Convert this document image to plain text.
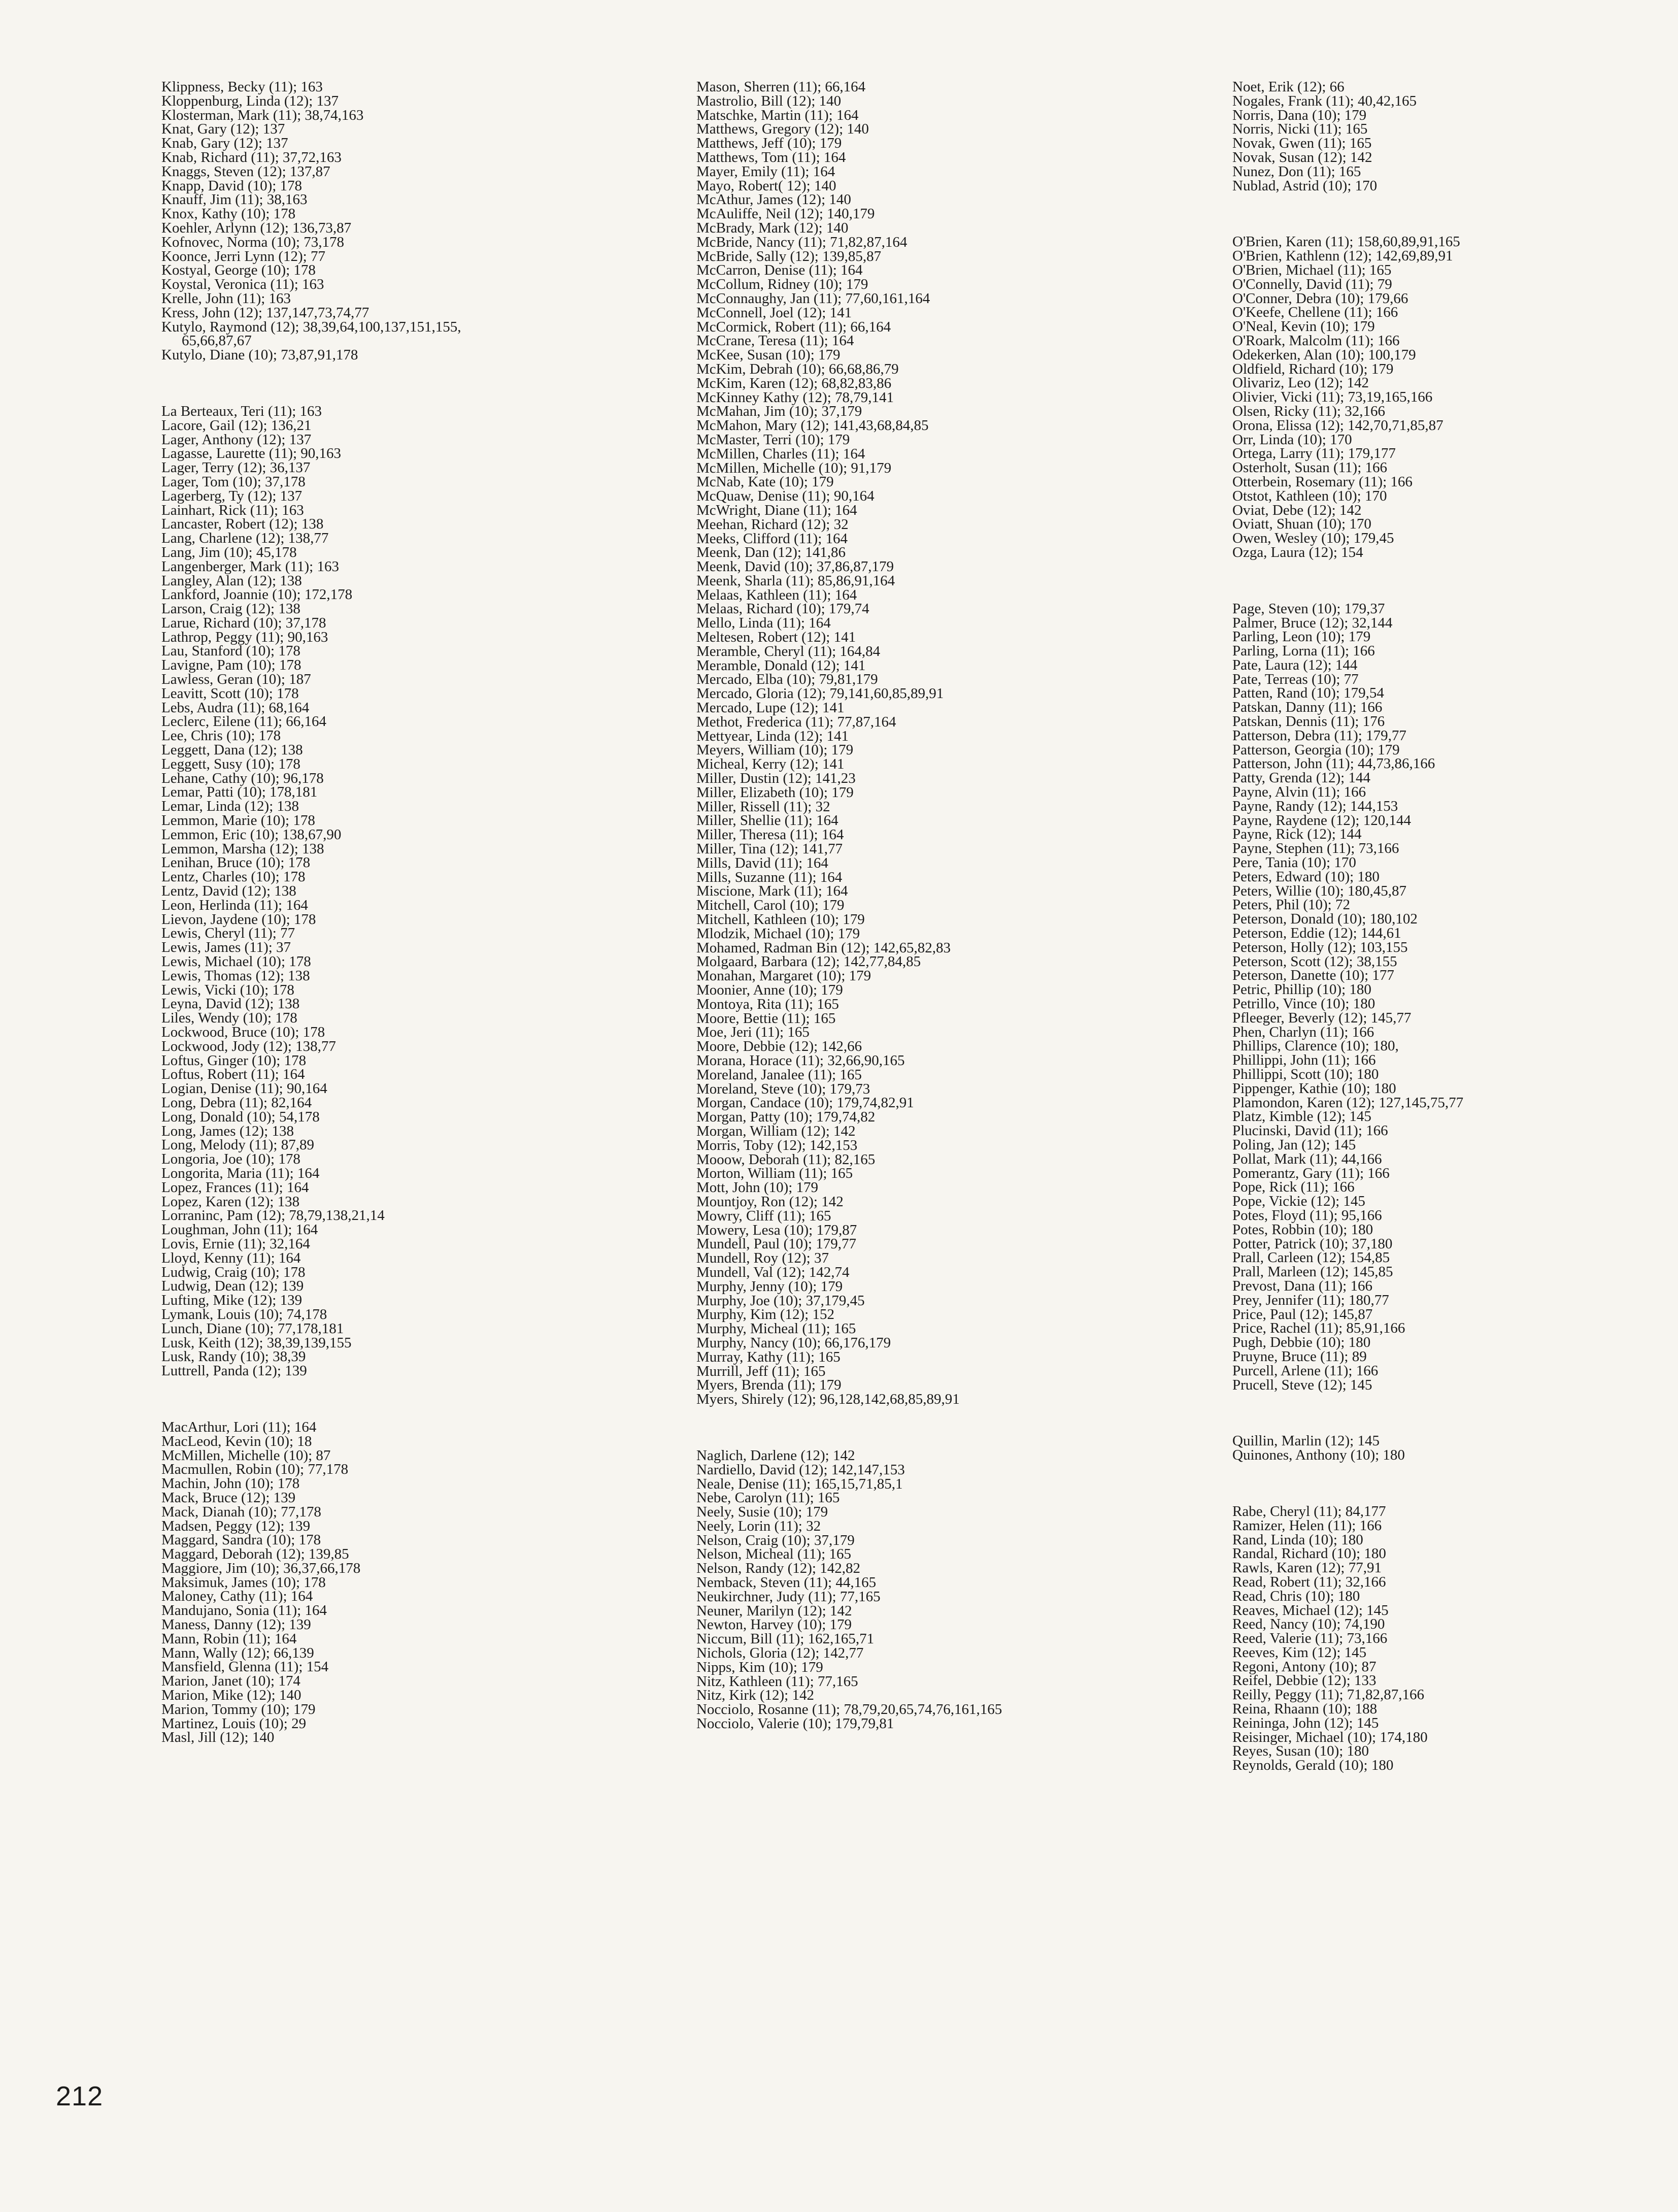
Klippness, Becky (11); 163
Kloppenburg, Linda (12); 137
Klosterman, Mark (11); 38,74,163
Knat, Gary (12); 137
Knab, Gary (12); 137
Knab, Richard (11); 37,72,163
Knaggs, Steven (12); 137,87
Knapp, David (10); 178
Knauff, Jim (11); 38,163
Knox, Kathy (10); 178
Koehler, Arlynn (12); 136,73,87
Kofnovec, Norma (10); 73,178
Koonce, Jerri Lynn (12); 77
Kostyal, George (10); 178
Koystal, Veronica (11); 163
Krelle, John (11); 163
Kress, John (12); 137,147,73,74,77
Kutylo, Raymond (12); 38,39,64,100,137,151,155,
65,66,87,67
Kutylo, Diane (10); 73,87,91,178
La Berteaux, Teri (11); 163
Lacore, Gail (12); 136,21
Lager, Anthony (12); 137
Lagasse, Laurette (11); 90,163
Lager, Terry (12); 36,137
Lager, Tom (10); 37,178
Lagerberg, Ty (12); 137
Lainhart, Rick (11); 163
Lancaster, Robert (12); 138
Lang, Charlene (12); 138,77
Lang, Jim (10); 45,178
Langenberger, Mark (11); 163
Langley, Alan (12); 138
Lankford, Joannie (10); 172,178
Larson, Craig (12); 138
Larue, Richard (10); 37,178
Lathrop, Peggy (11); 90,163
Lau, Stanford (10); 178
Lavigne, Pam (10); 178
Lawless, Geran (10); 187
Leavitt, Scott (10); 178
Lebs, Audra (11); 68,164
Leclerc, Eilene (11); 66,164
Lee, Chris (10); 178
Leggett, Dana (12); 138
Leggett, Susy (10); 178
Lehane, Cathy (10); 96,178
Lemar, Patti (10); 178,181
Lemar, Linda (12); 138
Lemmon, Marie (10); 178
Lemmon, Eric (10); 138,67,90
Lemmon, Marsha (12); 138
Lenihan, Bruce (10); 178
Lentz, Charles (10); 178
Lentz, David (12); 138
Leon, Herlinda (11); 164
Lievon, Jaydene (10); 178
Lewis, Cheryl (11); 77
Lewis, James (11); 37
Lewis, Michael (10); 178
Lewis, Thomas (12); 138
Lewis, Vicki (10); 178
Leyna, David (12); 138
Liles, Wendy (10); 178
Lockwood, Bruce (10); 178
Lockwood, Jody (12); 138,77
Loftus, Ginger (10); 178
Loftus, Robert (11); 164
Logian, Denise (11); 90,164
Long, Debra (11); 82,164
Long, Donald (10); 54,178
Long, James (12); 138
Long, Melody (11); 87,89
Longoria, Joe (10); 178
Longorita, Maria (11); 164
Lopez, Frances (11); 164
Lopez, Karen (12); 138
Lorraninc, Pam (12); 78,79,138,21,14
Loughman, John (11); 164
Lovis, Ernie (11); 32,164
Lloyd, Kenny (11); 164
Ludwig, Craig (10); 178
Ludwig, Dean (12); 139
Lufting, Mike (12); 139
Lymank, Louis (10); 74,178
Lunch, Diane (10); 77,178,181
Lusk, Keith (12); 38,39,139,155
Lusk, Randy (10); 38,39
Luttrell, Panda (12); 139
MacArthur, Lori (11); 164
MacLeod, Kevin (10); 18
McMillen, Michelle (10); 87
Macmullen, Robin (10); 77,178
Machin, John (10); 178
Mack, Bruce (12); 139
Mack, Dianah (10); 77,178
Madsen, Peggy (12); 139
Maggard, Sandra (10); 178
Maggard, Deborah (12); 139,85
Maggiore, Jim (10); 36,37,66,178
Maksimuk, James (10); 178
Maloney, Cathy (11); 164
Mandujano, Sonia (11); 164
Maness, Danny (12); 139
Mann, Robin (11); 164
Mann, Wally (12); 66,139
Mansfield, Glenna (11); 154
Marion, Janet (10); 174
Marion, Mike (12); 140
Marion, Tommy (10); 179
Martinez, Louis (10); 29
Masl, Jill (12); 140
Mason, Sherren (11); 66,164
Mastrolio, Bill (12); 140
Matschke, Martin (11); 164
Matthews, Gregory (12); 140
Matthews, Jeff (10); 179
Matthews, Tom (11); 164
Mayer, Emily (11); 164
Mayo, Robert( 12); 140
McAthur, James (12); 140
McAuliffe, Neil (12); 140,179
McBrady, Mark (12); 140
McBride, Nancy (11); 71,82,87,164
McBride, Sally (12); 139,85,87
McCarron, Denise (11); 164
McCollum, Ridney (10); 179
McConnaughy, Jan (11); 77,60,161,164
McConnell, Joel (12); 141
McCormick, Robert (11); 66,164
McCrane, Teresa (11); 164
McKee, Susan (10); 179
McKim, Debrah (10); 66,68,86,79
McKim, Karen (12); 68,82,83,86
McKinney Kathy (12); 78,79,141
McMahan, Jim (10); 37,179
McMahon, Mary (12); 141,43,68,84,85
McMaster, Terri (10); 179
McMillen, Charles (11); 164
McMillen, Michelle (10); 91,179
McNab, Kate (10); 179
McQuaw, Denise (11); 90,164
McWright, Diane (11); 164
Meehan, Richard (12); 32
Meeks, Clifford (11); 164
Meenk, Dan (12); 141,86
Meenk, David (10); 37,86,87,179
Meenk, Sharla (11); 85,86,91,164
Melaas, Kathleen (11); 164
Melaas, Richard (10); 179,74
Mello, Linda (11); 164
Meltesen, Robert (12); 141
Meramble, Cheryl (11); 164,84
Meramble, Donald (12); 141
Mercado, Elba (10); 79,81,179
Mercado, Gloria (12); 79,141,60,85,89,91
Mercado, Lupe (12); 141
Methot, Frederica (11); 77,87,164
Mettyear, Linda (12); 141
Meyers, William (10); 179
Micheal, Kerry (12); 141
Miller, Dustin (12); 141,23
Miller, Elizabeth (10); 179
Miller, Rissell (11); 32
Miller, Shellie (11); 164
Miller, Theresa (11); 164
Miller, Tina (12); 141,77
Mills, David (11); 164
Mills, Suzanne (11); 164
Miscione, Mark (11); 164
Mitchell, Carol (10); 179
Mitchell, Kathleen (10); 179
Mlodzik, Michael (10); 179
Mohamed, Radman Bin (12); 142,65,82,83
Molgaard, Barbara (12); 142,77,84,85
Monahan, Margaret (10); 179
Moonier, Anne (10); 179
Montoya, Rita (11); 165
Moore, Bettie (11); 165
Moe, Jeri (11); 165
Moore, Debbie (12); 142,66
Morana, Horace (11); 32,66,90,165
Moreland, Janalee (11); 165
Moreland, Steve (10); 179,73
Morgan, Candace (10); 179,74,82,91
Morgan, Patty (10); 179,74,82
Morgan, William (12); 142
Morris, Toby (12); 142,153
Mooow, Deborah (11); 82,165
Morton, William (11); 165
Mott, John (10); 179
Mountjoy, Ron (12); 142
Mowry, Cliff (11); 165
Mowery, Lesa (10); 179,87
Mundell, Paul (10); 179,77
Mundell, Roy (12); 37
Mundell, Val (12); 142,74
Murphy, Jenny (10); 179
Murphy, Joe (10); 37,179,45
Murphy, Kim (12); 152
Murphy, Micheal (11); 165
Murphy, Nancy (10); 66,176,179
Murray, Kathy (11); 165
Murrill, Jeff (11); 165
Myers, Brenda (11); 179
Myers, Shirely (12); 96,128,142,68,85,89,91
Naglich, Darlene (12); 142
Nardiello, David (12); 142,147,153
Neale, Denise (11); 165,15,71,85,1
Nebe, Carolyn (11); 165
Neely, Susie (10); 179
Neely, Lorin (11); 32
Nelson, Craig (10); 37,179
Nelson, Micheal (11); 165
Nelson, Randy (12); 142,82
Nemback, Steven (11); 44,165
Neukirchner, Judy (11); 77,165
Neuner, Marilyn (12); 142
Newton, Harvey (10); 179
Niccum, Bill (11); 162,165,71
Nichols, Gloria (12); 142,77
Nipps, Kim (10); 179
Nitz, Kathleen (11); 77,165
Nitz, Kirk (12); 142
Nocciolo, Rosanne (11); 78,79,20,65,74,76,161,165
Nocciolo, Valerie (10); 179,79,81
Noet, Erik (12); 66
Nogales, Frank (11); 40,42,165
Norris, Dana (10); 179
Norris, Nicki (11); 165
Novak, Gwen (11); 165
Novak, Susan (12); 142
Nunez, Don (11); 165
Nublad, Astrid (10); 170
O'Brien, Karen (11); 158,60,89,91,165
O'Brien, Kathlenn (12); 142,69,89,91
O'Brien, Michael (11); 165
O'Connelly, David (11); 79
O'Conner, Debra (10); 179,66
O'Keefe, Chellene (11); 166
O'Neal, Kevin (10); 179
O'Roark, Malcolm (11); 166
Odekerken, Alan (10); 100,179
Oldfield, Richard (10); 179
Olivariz, Leo (12); 142
Olivier, Vicki (11); 73,19,165,166
Olsen, Ricky (11); 32,166
Orona, Elissa (12); 142,70,71,85,87
Orr, Linda (10); 170
Ortega, Larry (11); 179,177
Osterholt, Susan (11); 166
Otterbein, Rosemary (11); 166
Otstot, Kathleen (10); 170
Oviat, Debe (12); 142
Oviatt, Shuan (10); 170
Owen, Wesley (10); 179,45
Ozga, Laura (12); 154
Page, Steven (10); 179,37
Palmer, Bruce (12); 32,144
Parling, Leon (10); 179
Parling, Lorna (11); 166
Pate, Laura (12); 144
Pate, Terreas (10); 77
Patten, Rand (10); 179,54
Patskan, Danny (11); 166
Patskan, Dennis (11); 176
Patterson, Debra (11); 179,77
Patterson, Georgia (10); 179
Patterson, John (11); 44,73,86,166
Patty, Grenda (12); 144
Payne, Alvin (11); 166
Payne, Randy (12); 144,153
Payne, Raydene (12); 120,144
Payne, Rick (12); 144
Payne, Stephen (11); 73,166
Pere, Tania (10); 170
Peters, Edward (10); 180
Peters, Willie (10); 180,45,87
Peters, Phil (10); 72
Peterson, Donald (10); 180,102
Peterson, Eddie (12); 144,61
Peterson, Holly (12); 103,155
Peterson, Scott (12); 38,155
Peterson, Danette (10); 177
Petric, Phillip (10); 180
Petrillo, Vince (10); 180
Pfleeger, Beverly (12); 145,77
Phen, Charlyn (11); 166
Phillips, Clarence (10); 180,
Phillippi, John (11); 166
Phillippi, Scott (10); 180
Pippenger, Kathie (10); 180
Plamondon, Karen (12); 127,145,75,77
Platz, Kimble (12); 145
Plucinski, David (11); 166
Poling, Jan (12); 145
Pollat, Mark (11); 44,166
Pomerantz, Gary (11); 166
Pope, Rick (11); 166
Pope, Vickie (12); 145
Potes, Floyd (11); 95,166
Potes, Robbin (10); 180
Potter, Patrick (10); 37,180
Prall, Carleen (12); 154,85
Prall, Marleen (12); 145,85
Prevost, Dana (11); 166
Prey, Jennifer (11); 180,77
Price, Paul (12); 145,87
Price, Rachel (11); 85,91,166
Pugh, Debbie (10); 180
Pruyne, Bruce (11); 89
Purcell, Arlene (11); 166
Prucell, Steve (12); 145
Quillin, Marlin (12); 145
Quinones, Anthony (10); 180
Rabe, Cheryl (11); 84,177
Ramizer, Helen (11); 166
Rand, Linda (10); 180
Randal, Richard (10); 180
Rawls, Karen (12); 77,91
Read, Robert (11); 32,166
Read, Chris (10); 180
Reaves, Michael (12); 145
Reed, Nancy (10); 74,190
Reed, Valerie (11); 73,166
Reeves, Kim (12); 145
Regoni, Antony (10); 87
Reifel, Debbie (12); 133
Reilly, Peggy (11); 71,82,87,166
Reina, Rhaann (10); 188
Reininga, John (12); 145
Reisinger, Michael (10); 174,180
Reyes, Susan (10); 180
Reynolds, Gerald (10); 180
212
